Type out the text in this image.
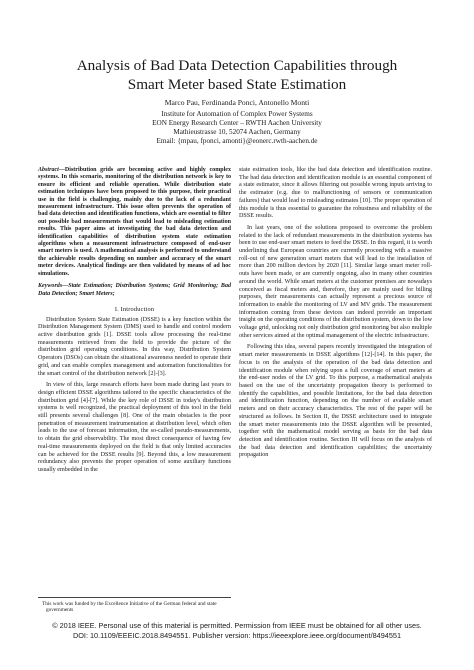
Analysis of Bad Data Detection Capabilities through
Smart Meter based State Estimation

Marco Pau, Ferdinanda Ponci, Antonello Monti

Institute for Automation of Complex Power Systems

EON Energy Research Center – RWTH Aachen University

Mathieustrasse 10, 52074 Aachen, Germany

Email: {mpau, fponci, amonti}@eonerc.rwth-aachen.de

Abstract—Distribution grids are becoming active and highly complex systems. In this scenario, monitoring of the distribution network is key to ensure its efficient and reliable operation. While distribution state estimation techniques have been proposed to this purpose, their practical use in the field is challenging, mainly due to the lack of a redundant measurement infrastructure. This issue often prevents the operation of bad data detection and identification functions, which are essential to filter out possible bad measurements that would lead to misleading estimation results. This paper aims at investigating the bad data detection and identification capabilities of distribution system state estimation algorithms when a measurement infrastructure composed of end-user smart meters is used. A mathematical analysis is performed to understand the achievable results depending on number and accuracy of the smart meter devices. Analytical findings are then validated by means of ad hoc simulations.

Keywords—State Estimation; Distribution Systems; Grid Monitoring; Bad Data Detection; Smart Meters;

I. Introduction

Distribution System State Estimation (DSSE) is a key function within the Distribution Management System (DMS) used to handle and control modern active distribution grids [1]. DSSE tools allow processing the real-time measurements retrieved from the field to provide the picture of the distribution grid operating conditions. In this way, Distribution System Operators (DSOs) can obtain the situational awareness needed to operate their grid, and can enable complex management and automation functionalities for the smart control of the distribution network [2]-[3].

In view of this, large research efforts have been made during last years to design efficient DSSE algorithms tailored to the specific characteristics of the distribution grid [4]-[7]. While the key role of DSSE in today's distribution systems is well recognized, the practical deployment of this tool in the field still presents several challenges [8]. One of the main obstacles is the poor penetration of measurement instrumentation at distribution level, which often leads to the use of forecast information, the so-called pseudo-measurements, to obtain the grid observability. The most direct consequence of having few real-time measurements deployed on the field is that only limited accuracies can be achieved for the DSSE results [9]. Beyond this, a low measurement redundancy also prevents the proper operation of some auxiliary functions usually embedded in the

This work was funded by the Excellence Initiative of the German federal and state governments

state estimation tools, like the bad data detection and identification routine. The bad data detection and identification module is an essential component of a state estimator, since it allows filtering out possible wrong inputs arriving to the estimator (e.g. due to malfunctioning of sensors or communication failures) that would lead to misleading estimates [10]. The proper operation of this module is thus essential to guarantee the robustness and reliability of the DSSE results.

In last years, one of the solutions proposed to overcome the problem related to the lack of redundant measurements in the distribution systems has been to use end-user smart meters to feed the DSSE. In this regard, it is worth underlining that European countries are currently proceeding with a massive roll-out of new generation smart meters that will lead to the installation of more than 200 million devices by 2020 [11]. Similar large smart meter roll-outs have been made, or are currently ongoing, also in many other countries around the world. While smart meters at the customer premises are nowadays conceived as fiscal meters and, therefore, they are mainly used for billing purposes, their measurements can actually represent a precious source of information to enable the monitoring of LV and MV grids. The measurement information coming from these devices can indeed provide an important insight on the operating conditions of the distribution system, down to the low voltage grid, unlocking not only distribution grid monitoring but also multiple other services aimed at the optimal management of the electric infrastructure.

Following this idea, several papers recently investigated the integration of smart meter measurements in DSSE algorithms [12]-[14]. In this paper, the focus is on the analysis of the operation of the bad data detection and identification module when relying upon a full coverage of smart meters at the end-user nodes of the LV grid. To this purpose, a mathematical analysis based on the use of the uncertainty propagation theory is performed to identify the capabilities, and possible limitations, for the bad data detection and identification function, depending on the number of available smart meters and on their accuracy characteristics. The rest of the paper will be structured as follows. In Section II, the DSSE architecture used to integrate the smart meter measurements into the DSSE algorithm will be presented, together with the mathematical model serving as basis for the bad data detection and identification routine. Section III will focus on the analysis of the bad data detection and identification capabilities; the uncertainty propagation

© 2018 IEEE. Personal use of this material is permitted. Permission from IEEE must be obtained for all other uses.

DOI: 10.1109/EEEIC.2018.8494551. Publisher version: https://ieeexplore.ieee.org/document/8494551
